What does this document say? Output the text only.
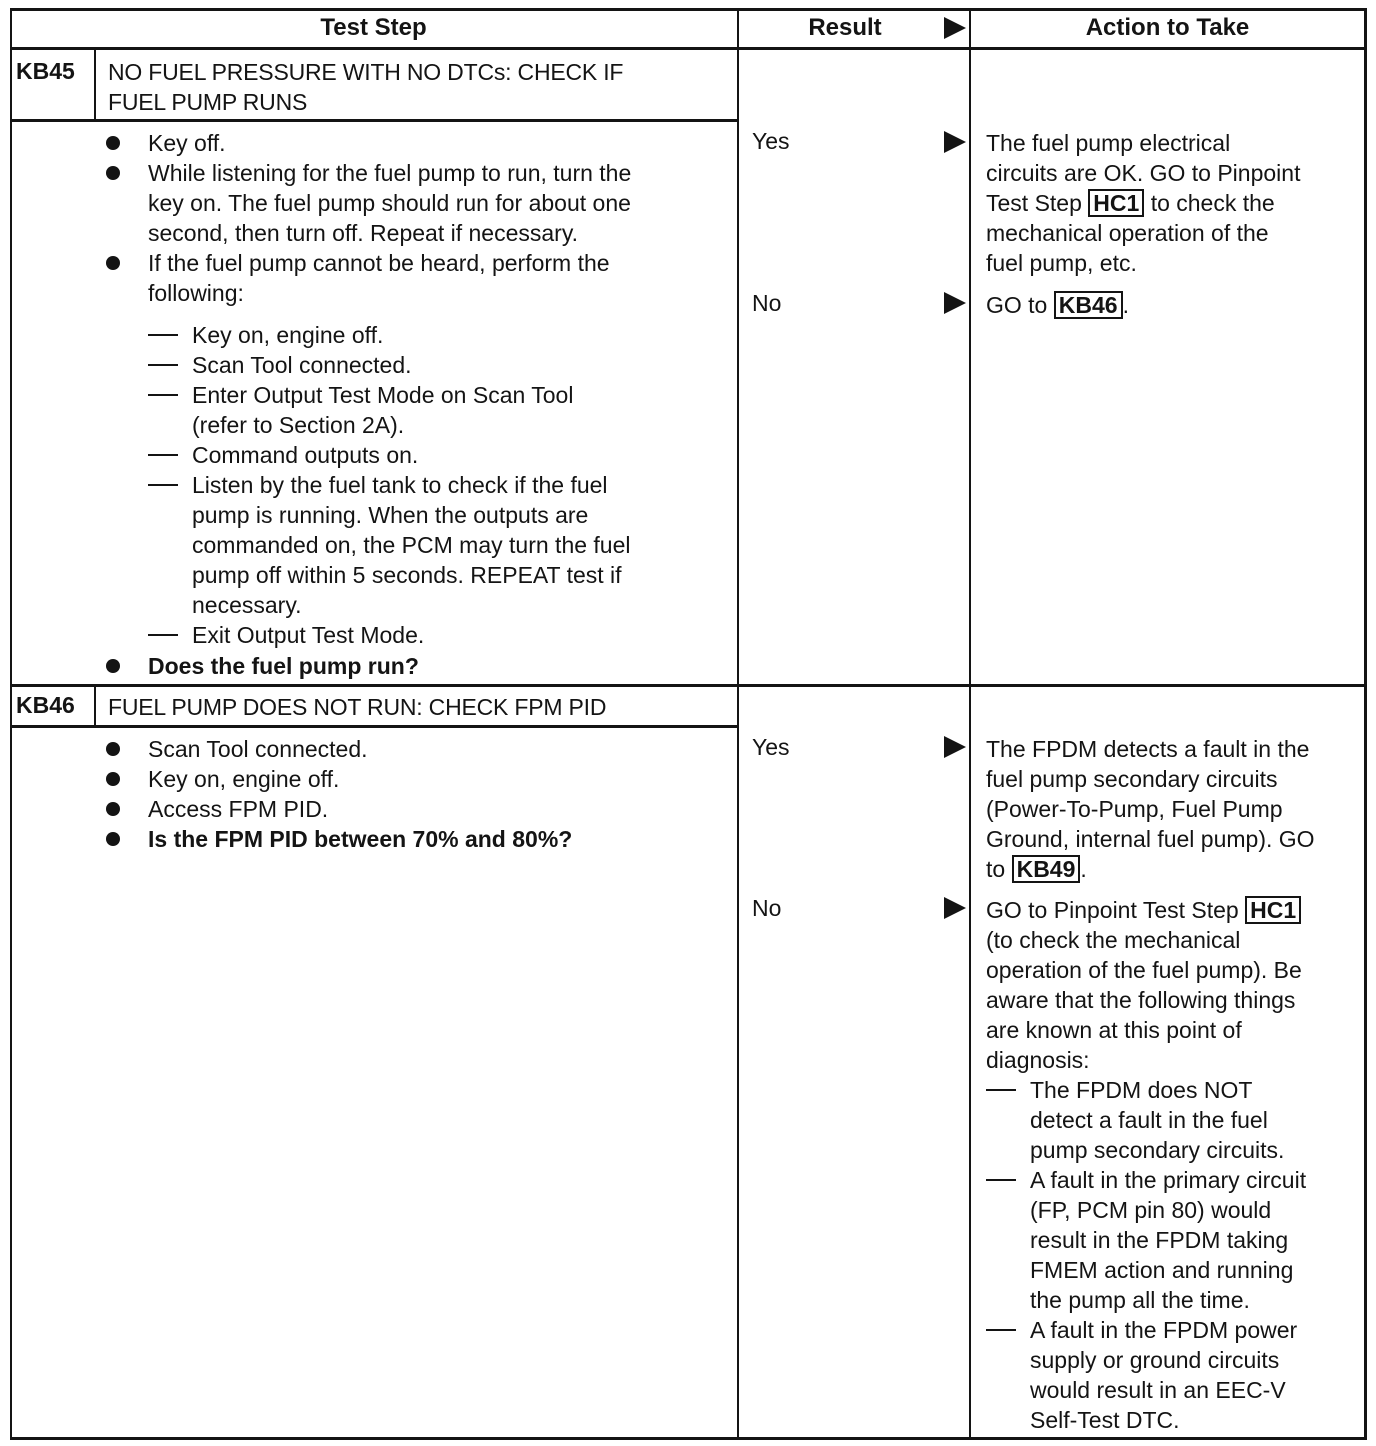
Test Step	Result	Action to Take
KB45 NO FUEL PRESSURE WITH NO DTCs: CHECK IF
FUEL PUMP RUNS
Key off.
While listening for the fuel pump to run, turn the
key on. The fuel pump should run for about one
second, then turn off. Repeat if necessary.
If the fuel pump cannot be heard, perform the
following:
Key on, engine off.
Scan Tool connected.
Enter Output Test Mode on Scan Tool
(refer to Section 2A).
Command outputs on.
Listen by the fuel tank to check if the fuel
pump is running. When the outputs are
commanded on, the PCM may turn the fuel
pump off within 5 seconds. REPEAT test if
necessary.
Exit Output Test Mode.
Does the fuel pump run?
Yes
No
The fuel pump electrical
circuits are OK. GO to Pinpoint
Test Step HC1 to check the
mechanical operation of the
fuel pump, etc.
GO to KB46 .
KB46 FUEL PUMP DOES NOT RUN: CHECK FPM PID
Scan Tool connected.
Key on, engine off.
Access FPM PID.
Is the FPM PID between 70% and 80%?
Yes
No
The FPDM detects a fault in the
fuel pump secondary circuits
(Power-To-Pump, Fuel Pump
Ground, internal fuel pump). GO
to KB49 .
GO to Pinpoint Test Step HC1
(to check the mechanical
operation of the fuel pump). Be
aware that the following things
are known at this point of
diagnosis:
The FPDM does NOT
detect a fault in the fuel
pump secondary circuits.
A fault in the primary circuit
(FP, PCM pin 80) would
result in the FPDM taking
FMEM action and running
the pump all the time.
A fault in the FPDM power
supply or ground circuits
would result in an EEC-V
Self-Test DTC.
